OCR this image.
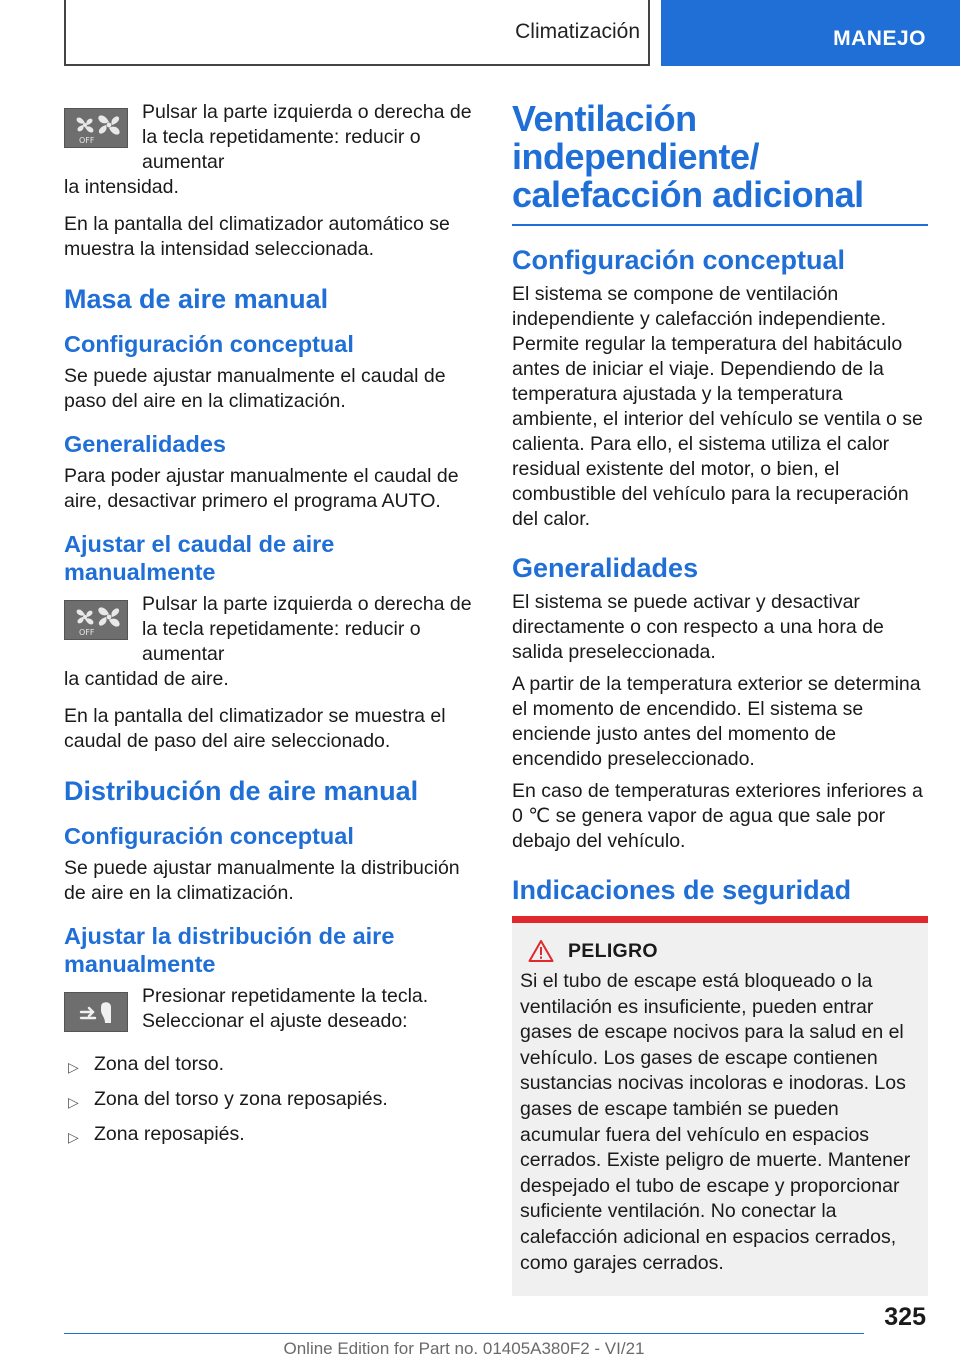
Climatización	MANEJO
OFF
Pulsar la parte izquierda o derecha de la tecla repetidamente: reducir o aumentar
la intensidad.

En la pantalla del climatizador automático se muestra la intensidad seleccionada.

Masa de aire manual
Configuración conceptual

Se puede ajustar manualmente el caudal de paso del aire en la climatización.

Generalidades

Para poder ajustar manualmente el caudal de aire, desactivar primero el programa AUTO.

Ajustar el caudal de aire manualmente
OFF
Pulsar la parte izquierda o derecha de la tecla repetidamente: reducir o aumentar
la cantidad de aire.

En la pantalla del climatizador se muestra el caudal de paso del aire seleccionado.

Distribución de aire manual
Configuración conceptual

Se puede ajustar manualmente la distribución de aire en la climatización.

Ajustar la distribución de aire manualmente
Presionar repetidamente la tecla. Seleccionar el ajuste deseado:
▷ Zona del torso.
▷ Zona del torso y zona reposapiés.
▷ Zona reposapiés.
Ventilación independiente/ calefacción adicional
Configuración conceptual

El sistema se compone de ventilación independiente y calefacción independiente. Permite regular la temperatura del habitáculo antes de iniciar el viaje. Dependiendo de la temperatura ajustada y la temperatura ambiente, el interior del vehículo se ventila o se calienta. Para ello, el sistema utiliza el calor residual existente del motor, o bien, el combustible del vehículo para la recuperación del calor.

Generalidades

El sistema se puede activar y desactivar directamente o con respecto a una hora de salida preseleccionada.

A partir de la temperatura exterior se determina el momento de encendido. El sistema se enciende justo antes del momento de encendido preseleccionado.

En caso de temperaturas exteriores inferiores a 0 ℃ se genera vapor de agua que sale por debajo del vehículo.

Indicaciones de seguridad
PELIGRO
Si el tubo de escape está bloqueado o la ventilación es insuficiente, pueden entrar gases de escape nocivos para la salud en el vehículo. Los gases de escape contienen sustancias nocivas incoloras e inodoras. Los gases de escape también se pueden acumular fuera del vehículo en espacios cerrados. Existe peligro de muerte. Mantener despejado el tubo de escape y proporcionar suficiente ventilación. No conectar la calefacción adicional en espacios cerrados, como garajes cerrados.
325
Online Edition for Part no. 01405A380F2 - VI/21
